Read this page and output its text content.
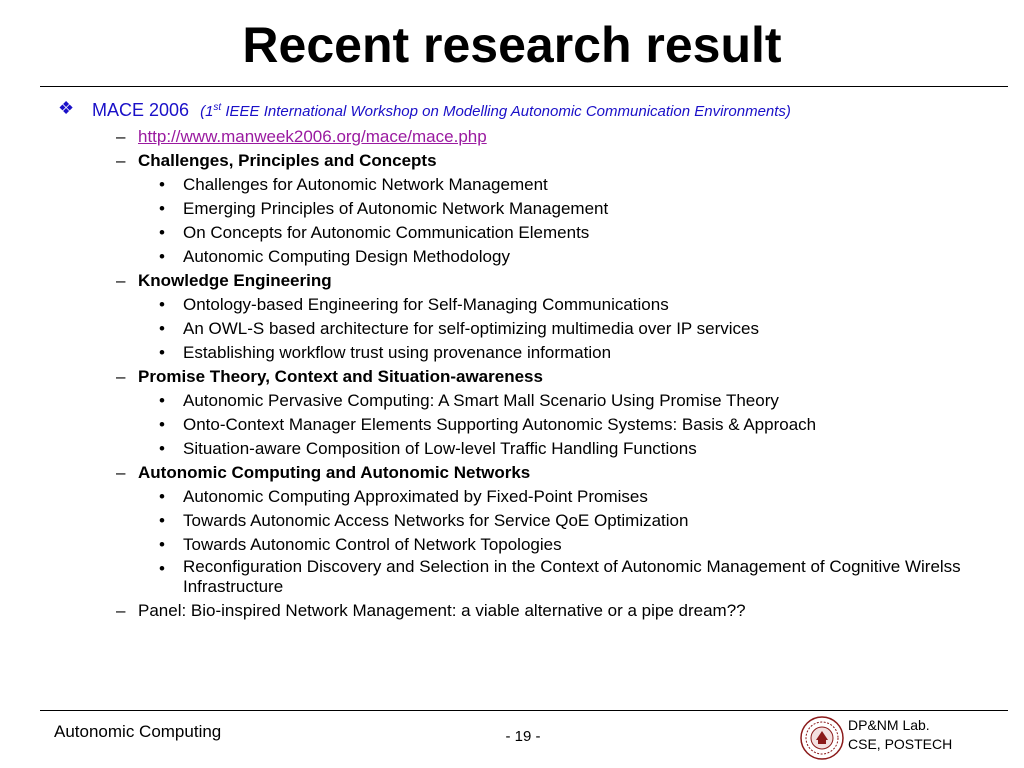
Recent research result
❖ MACE 2006 (1st IEEE International Workshop on Modelling Autonomic Communication Environments)
– http://www.manweek2006.org/mace/mace.php
– Challenges, Principles and Concepts
• Challenges for Autonomic Network Management
• Emerging Principles of Autonomic Network Management
• On Concepts for Autonomic Communication Elements
• Autonomic Computing Design Methodology
– Knowledge Engineering
• Ontology-based Engineering for Self-Managing Communications
• An OWL-S based architecture for self-optimizing multimedia over IP services
• Establishing workflow trust using provenance information
– Promise Theory, Context and Situation-awareness
• Autonomic Pervasive Computing: A Smart Mall Scenario Using Promise Theory
• Onto-Context Manager Elements Supporting Autonomic Systems: Basis & Approach
• Situation-aware Composition of Low-level Traffic Handling Functions
– Autonomic Computing and Autonomic Networks
• Autonomic Computing Approximated by Fixed-Point Promises
• Towards Autonomic Access Networks for Service QoE Optimization
• Towards Autonomic Control of Network Topologies
• Reconfiguration Discovery and Selection in the Context of Autonomic Management of Cognitive Wirelss Infrastructure
– Panel: Bio-inspired Network Management: a viable alternative or a pipe dream??
Autonomic Computing	- 19 -
DP&NM Lab.
CSE, POSTECH
